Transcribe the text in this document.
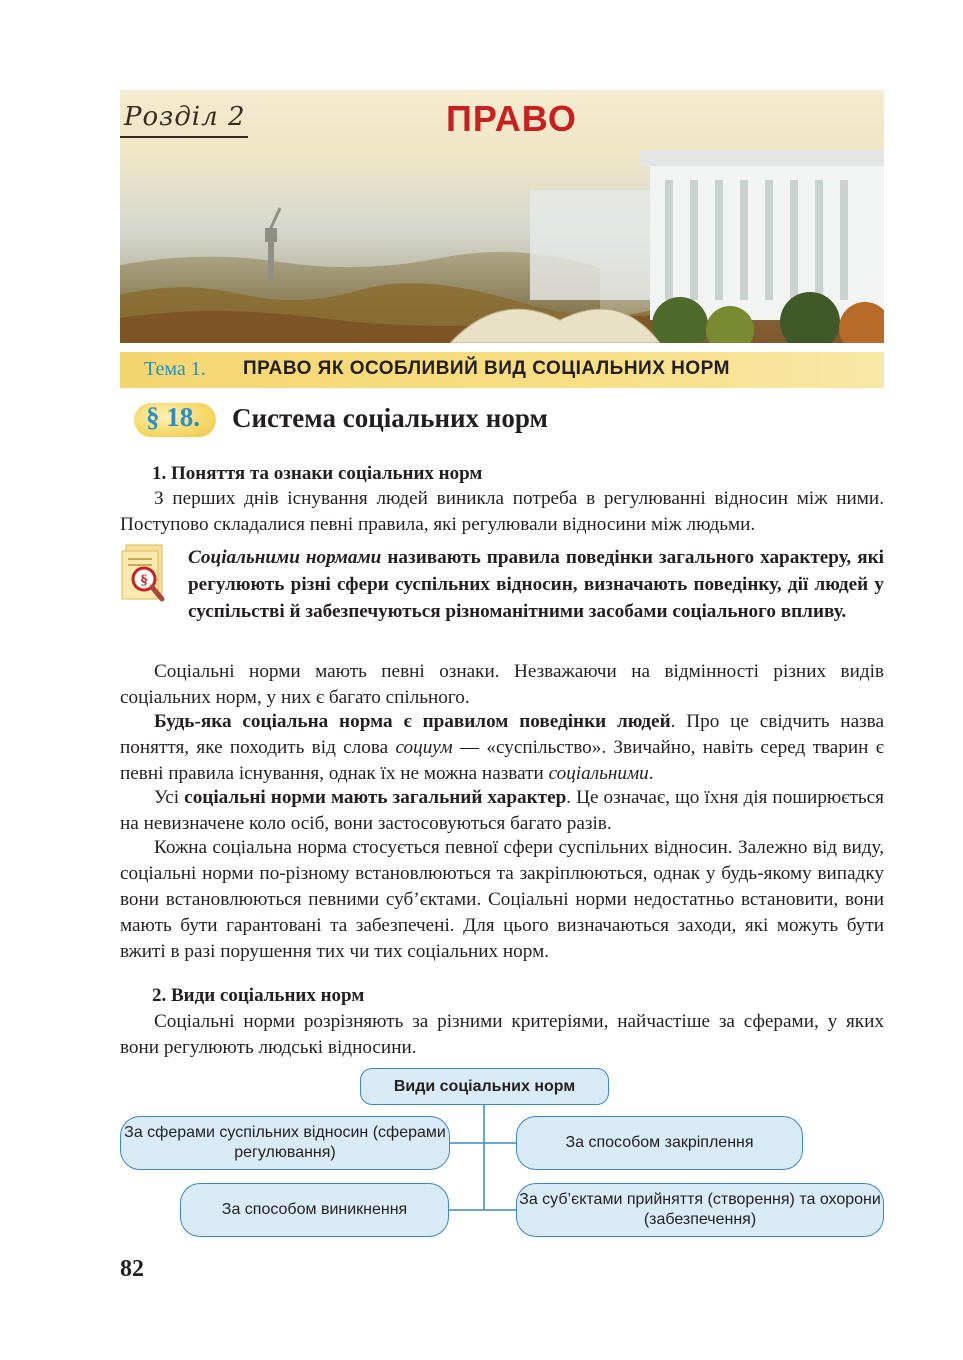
Розділ 2	ПРАВО
Тема 1. ПРАВО ЯК ОСОБЛИВИЙ ВИД СОЦІАЛЬНИХ НОРМ
§ 18. Система соціальних норм
1. Поняття та ознаки соціальних норм
З перших днів існування людей виникла потреба в регулюванні відносин між ними. Поступово складалися певні правила, які регулювали відносини між людьми.
§
Соціальними нормами називають правила поведінки загального характеру, які регулюють різні сфери суспільних відносин, визначають поведінку, дії людей у суспільстві й забезпечуються різноманітними засобами соціального впливу.
Соціальні норми мають певні ознаки. Незважаючи на відмінності різних видів соціальних норм, у них є багато спільного.
Будь-яка соціальна норма є правилом поведінки людей. Про це свідчить назва поняття, яке походить від слова социум — «суспільство». Звичайно, навіть серед тварин є певні правила існування, однак їх не можна назвати соціальними.
Усі соціальні норми мають загальний характер. Це означає, що їхня дія поширюється на невизначене коло осіб, вони застосовуються багато разів.
Кожна соціальна норма стосується певної сфери суспільних відносин. Залежно від виду, соціальні норми по-різному встановлюються та закріплюються, однак у будь-якому випадку вони встановлюються певними суб’єктами. Соціальні норми недостатньо встановити, вони мають бути гарантовані та забезпечені. Для цього визначаються заходи, які можуть бути вжиті в разі порушення тих чи тих соціальних норм.
2. Види соціальних норм
Соціальні норми розрізняють за різними критеріями, найчастіше за сферами, у яких вони регулюють людські відносини.
Види соціальних норм
За сферами суспільних відносин (сферами регулювання)
За способом виникнення
За способом закріплення
За суб’єктами прийняття (створення) та охорони (забезпечення)
82
